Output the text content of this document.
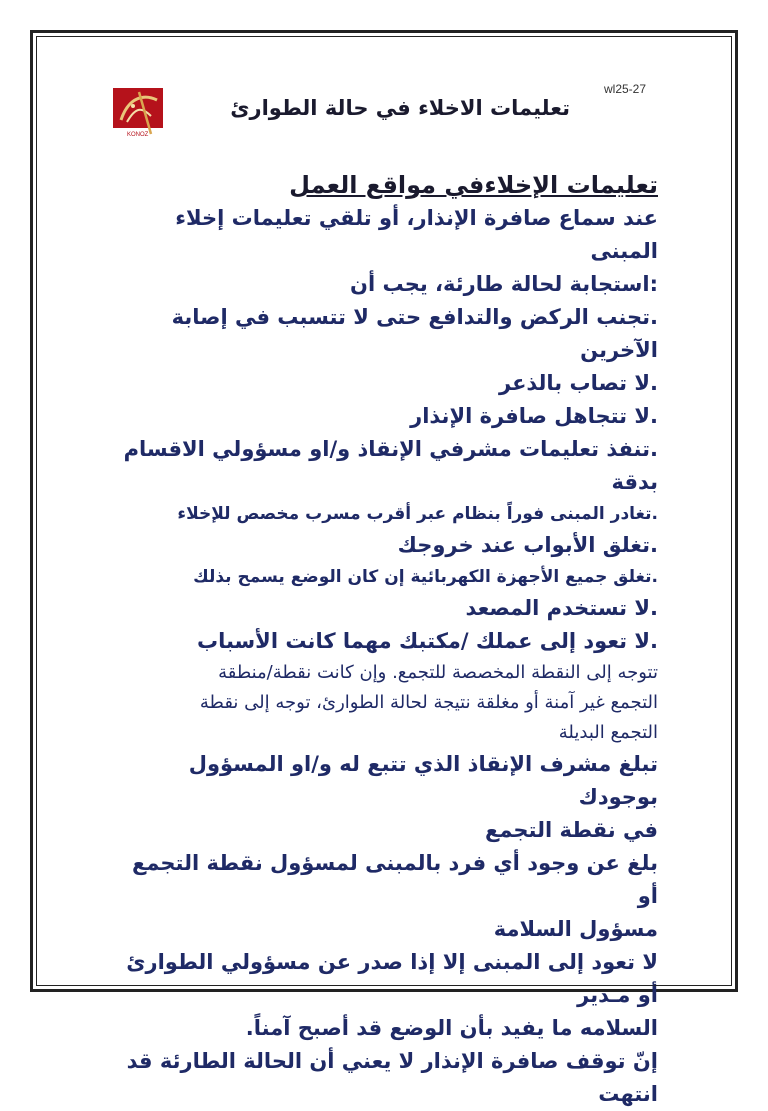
wl25-27
KONOZ
تعليمات الاخلاء في حالة الطوارئ

تعليمات الإخلاءفي مواقع العمل

عند سماع صافرة الإنذار، أو تلقي تعليمات إخلاء المبنى

:استجابة لحالة طارئة، يجب أن

.تجنب الركض والتدافع حتى لا تتسبب في إصابة الآخرين

.لا تصاب بالذعر

.لا تتجاهل صافرة الإنذار

.تنفذ تعليمات مشرفي الإنقاذ و/او مسؤولي الاقسام بدقة

.تغادر المبنى فوراً بنظام عبر أقرب مسرب مخصص للإخلاء

.تغلق الأبواب عند خروجك

.تغلق جميع الأجهزة الكهربائية إن كان الوضع يسمح بذلك

.لا تستخدم المصعد

.لا تعود إلى عملك /مكتبك مهما كانت الأسباب

تتوجه إلى النقطة المخصصة للتجمع. وإن كانت نقطة/منطقة

التجمع غير آمنة أو مغلقة نتيجة لحالة الطوارئ، توجه إلى نقطة

التجمع البديلة

تبلغ مشرف الإنقاذ الذي تتبع له و/او المسؤول بوجودك

في نقطة التجمع

بلغ عن وجود أي فرد بالمبنى لمسؤول نقطة التجمع أو

مسؤول السلامة

لا تعود إلى المبنى إلا إذا صدر عن مسؤولي الطوارئ أو مـدير

السلامه ما يفيد بأن الوضع قد أصبح آمناً.

إنّ توقف صافرة الإنذار لا يعني أن الحالة الطارئة قد انتهت
